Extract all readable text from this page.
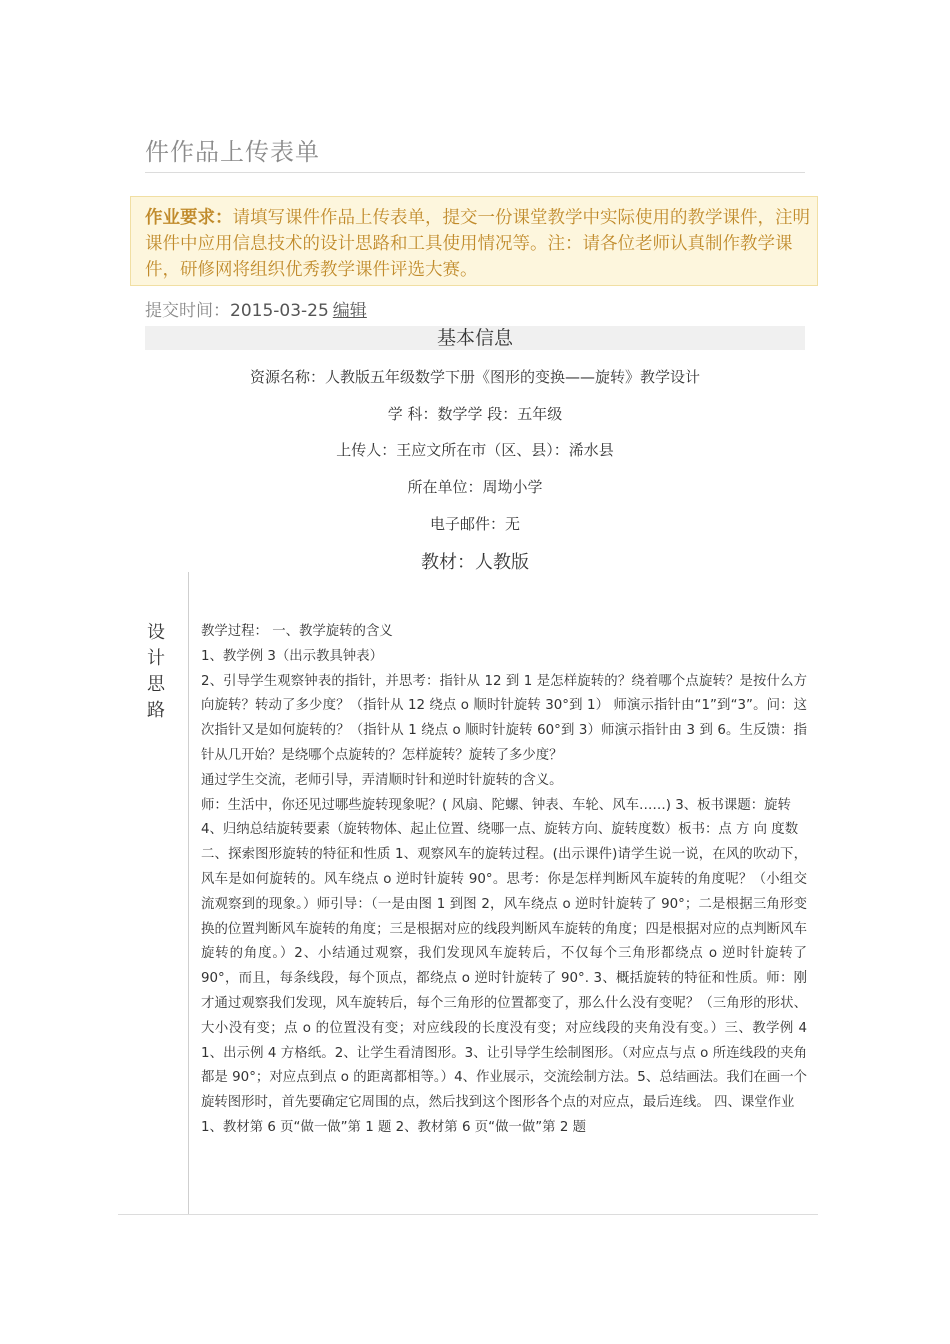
件作品上传表单
作业要求：请填写课件作品上传表单，提交一份课堂教学中实际使用的教学课件，注明课件中应用信息技术的设计思路和工具使用情况等。注：请各位老师认真制作教学课件，研修网将组织优秀教学课件评选大赛。
提交时间：2015-03-25 编辑
基本信息
资源名称：人教版五年级数学下册《图形的变换——旋转》教学设计
学 科：数学学 段：五年级
上传人：王应文所在市（区、县）：浠水县
所在单位：周坳小学
电子邮件：无
教材：人教版
设
计
思
路

教学过程： 一、教学旋转的含义

1、教学例 3（出示教具钟表）

2、引导学生观察钟表的指针，并思考：指针从 12 到 1 是怎样旋转的？绕着哪个点旋转？是按什么方向旋转？转动了多少度？（指针从 12 绕点 o 顺时针旋转 30°到 1） 师演示指针由“1”到“3”。问：这次指针又是如何旋转的？（指针从 1 绕点 o 顺时针旋转 60°到 3）师演示指针由 3 到 6。生反馈：指针从几开始？是绕哪个点旋转的？怎样旋转？旋转了多少度？

通过学生交流，老师引导，弄清顺时针和逆时针旋转的含义。

师：生活中，你还见过哪些旋转现象呢？( 风扇、陀螺、钟表、车轮、风车……) 3、板书课题：旋转

4、归纳总结旋转要素（旋转物体、起止位置、绕哪一点、旋转方向、旋转度数）板书：点 方 向 度数

二、探索图形旋转的特征和性质 1、观察风车的旋转过程。(出示课件)请学生说一说，在风的吹动下，风车是如何旋转的。风车绕点 o 逆时针旋转 90°。思考：你是怎样判断风车旋转的角度呢？（小组交流观察到的现象。）师引导：（一是由图 1 到图 2，风车绕点 o 逆时针旋转了 90°；二是根据三角形变换的位置判断风车旋转的角度；三是根据对应的线段判断风车旋转的角度；四是根据对应的点判断风车旋转的角度。）2、小结通过观察，我们发现风车旋转后，不仅每个三角形都绕点 o 逆时针旋转了 90°，而且，每条线段，每个顶点，都绕点 o 逆时针旋转了 90°. 3、概括旋转的特征和性质。师：刚才通过观察我们发现，风车旋转后，每个三角形的位置都变了，那么什么没有变呢？（三角形的形状、大小没有变；点 o 的位置没有变；对应线段的长度没有变；对应线段的夹角没有变。）三、教学例 4 1、出示例 4 方格纸。2、让学生看清图形。3、让引导学生绘制图形。（对应点与点 o 所连线段的夹角都是 90°；对应点到点 o 的距离都相等。）4、作业展示，交流绘制方法。5、总结画法。我们在画一个旋转图形时，首先要确定它周围的点，然后找到这个图形各个点的对应点，最后连线。 四、课堂作业

1、教材第 6 页“做一做”第 1 题 2、教材第 6 页“做一做”第 2 题
